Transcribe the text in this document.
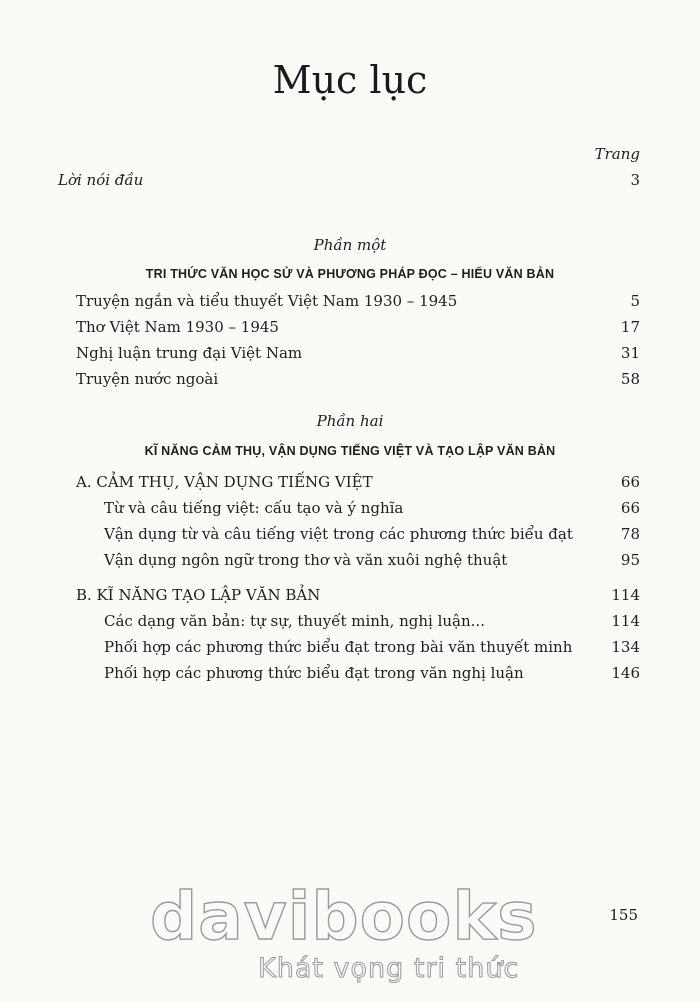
Mục lục
Trang
Lời nói đầu	3
Phần một
TRI THỨC VĂN HỌC SỬ VÀ PHƯƠNG PHÁP ĐỌC – HIỂU VĂN BẢN
Truyện ngắn và tiểu thuyết Việt Nam 1930 – 1945	5
Thơ Việt Nam 1930 – 1945	17
Nghị luận trung đại Việt Nam	31
Truyện nước ngoài	58
Phần hai
KĨ NĂNG CẢM THỤ, VẬN DỤNG TIẾNG VIỆT VÀ TẠO LẬP VĂN BẢN
A. CẢM THỤ, VẬN DỤNG TIẾNG VIỆT	66
Từ và câu tiếng việt: cấu tạo và ý nghĩa	66
Vận dụng từ và câu tiếng việt trong các phương thức biểu đạt	78
Vận dụng ngôn ngữ trong thơ và văn xuôi nghệ thuật	95
B. KĨ NĂNG TẠO LẬP VĂN BẢN	114
Các dạng văn bản: tự sự, thuyết minh, nghị luận...	114
Phối hợp các phương thức biểu đạt trong bài văn thuyết minh	134
Phối hợp các phương thức biểu đạt trong văn nghị luận	146
155
davibooks
Khát vọng tri thức
